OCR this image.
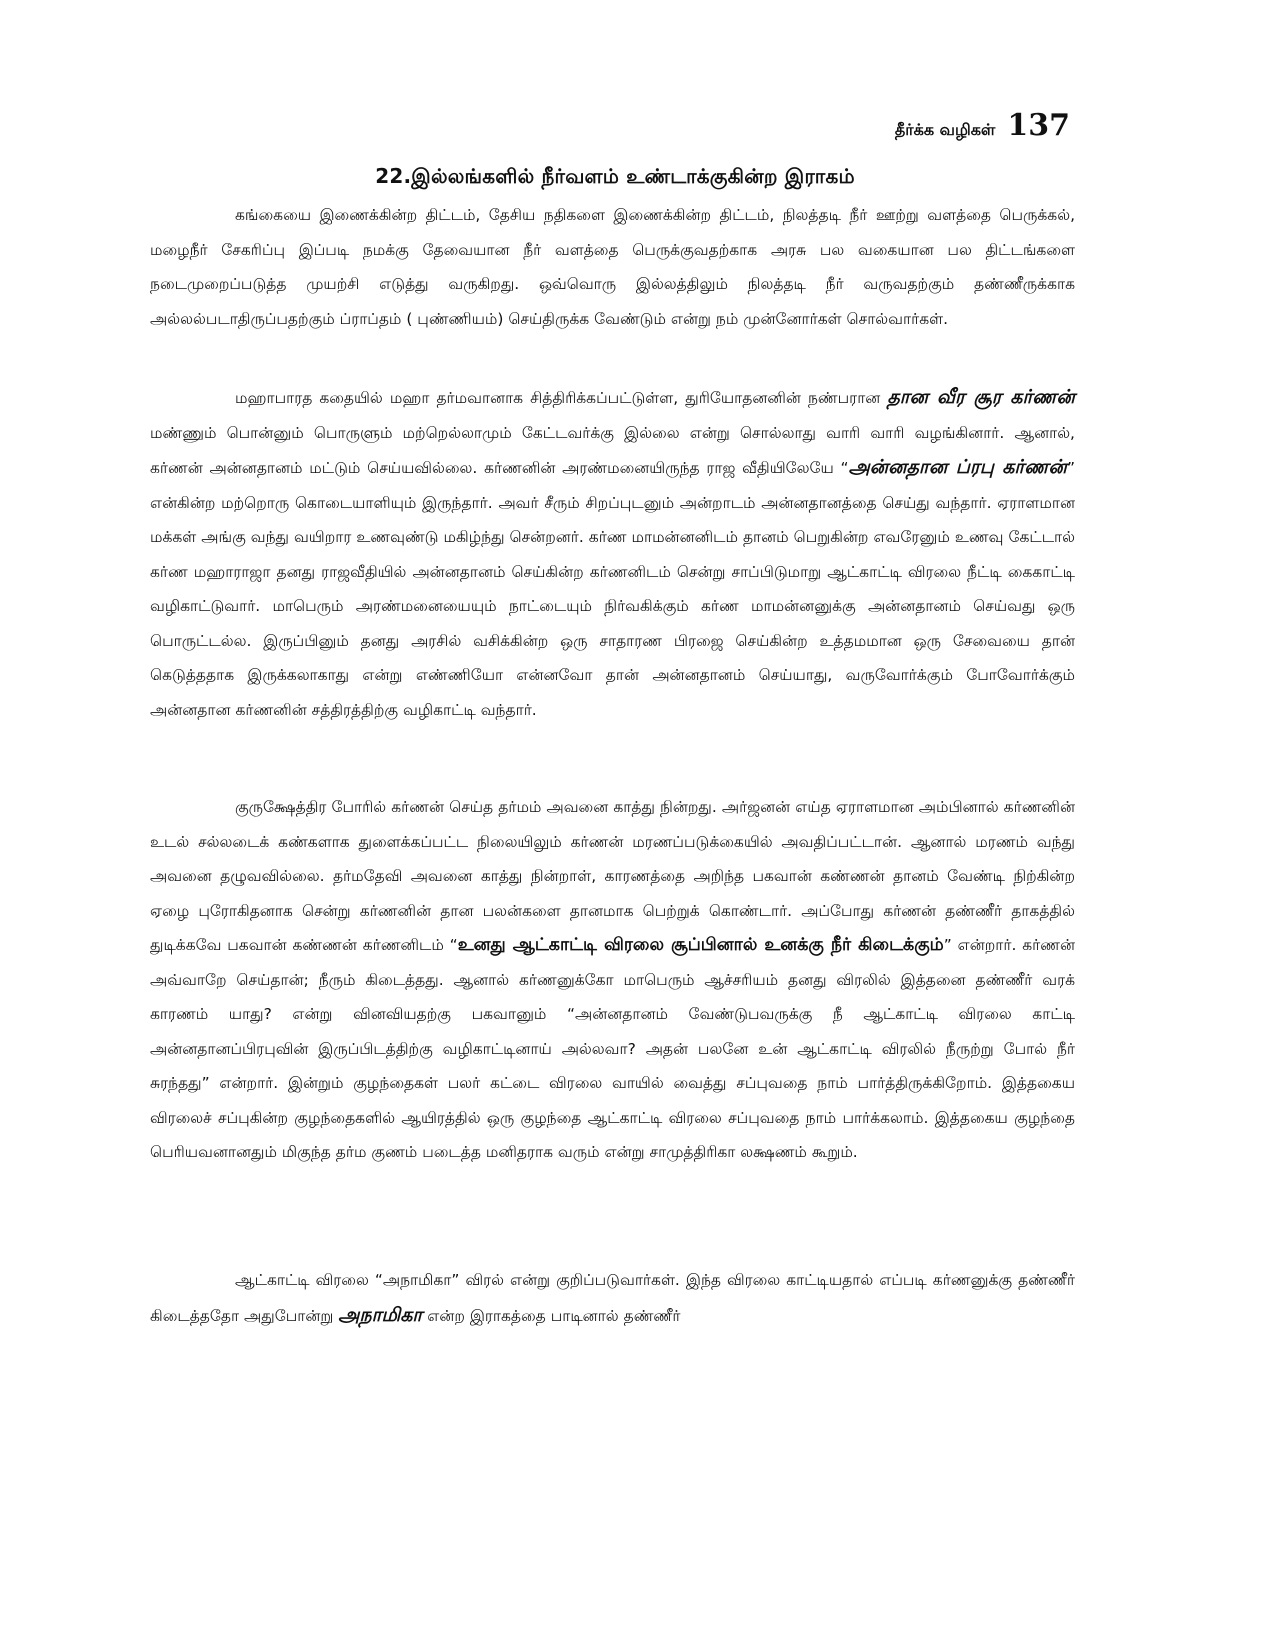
தீர்க்க வழிகள் 137
22.இல்லங்களில் நீர்வளம் உண்டாக்குகின்ற இராகம்

கங்கையை இணைக்கின்ற திட்டம், தேசிய நதிகளை இணைக்கின்ற திட்டம், நிலத்தடி நீர் ஊற்று வளத்தை பெருக்கல், மழைநீர் சேகரிப்பு இப்படி நமக்கு தேவையான நீர் வளத்தை பெருக்குவதற்காக அரசு பல வகையான பல திட்டங்களை நடைமுறைப்படுத்த முயற்சி எடுத்து வருகிறது. ஒவ்வொரு இல்லத்திலும் நிலத்தடி நீர் வருவதற்கும் தண்ணீருக்காக அல்லல்படாதிருப்பதற்கும் ப்ராப்தம் ( புண்ணியம்) செய்திருக்க வேண்டும் என்று நம் முன்னோர்கள் சொல்வார்கள்.

மஹாபாரத கதையில் மஹா தர்மவானாக சித்திரிக்கப்பட்டுள்ள, துரியோதனனின் நண்பரான தான வீர சூர கர்ணன் மண்ணும் பொன்னும் பொருளும் மற்றெல்லாமும் கேட்டவர்க்கு இல்லை என்று சொல்லாது வாரி வாரி வழங்கினார். ஆனால், கர்ணன் அன்னதானம் மட்டும் செய்யவில்லை. கர்ணனின் அரண்மனையிருந்த ராஜ வீதியிலேயே “அன்னதான ப்ரபு கர்ணன்” என்கின்ற மற்றொரு கொடையாளியும் இருந்தார். அவர் சீரும் சிறப்புடனும் அன்றாடம் அன்னதானத்தை செய்து வந்தார். ஏராளமான மக்கள் அங்கு வந்து வயிறார உணவுண்டு மகிழ்ந்து சென்றனர். கர்ண மாமன்னனிடம் தானம் பெறுகின்ற எவரேனும் உணவு கேட்டால் கர்ண மஹாராஜா தனது ராஜவீதியில் அன்னதானம் செய்கின்ற கர்ணனிடம் சென்று சாப்பிடுமாறு ஆட்காட்டி விரலை நீட்டி கைகாட்டி வழிகாட்டுவார். மாபெரும் அரண்மனையையும் நாட்டையும் நிர்வகிக்கும் கர்ண மாமன்னனுக்கு அன்னதானம் செய்வது ஒரு பொருட்டல்ல. இருப்பினும் தனது அரசில் வசிக்கின்ற ஒரு சாதாரண பிரஜை செய்கின்ற உத்தமமான ஒரு சேவையை தான் கெடுத்ததாக இருக்கலாகாது என்று எண்ணியோ என்னவோ தான் அன்னதானம் செய்யாது, வருவோர்க்கும் போவோர்க்கும் அன்னதான கர்ணனின் சத்திரத்திற்கு வழிகாட்டி வந்தார்.

குருக்ஷேத்திர போரில் கர்ணன் செய்த தர்மம் அவனை காத்து நின்றது. அர்ஜனன் எய்த ஏராளமான அம்பினால் கர்ணனின் உடல் சல்லடைக் கண்களாக துளைக்கப்பட்ட நிலையிலும் கர்ணன் மரணப்படுக்கையில் அவதிப்பட்டான். ஆனால் மரணம் வந்து அவனை தழுவவில்லை. தர்மதேவி அவனை காத்து நின்றாள், காரணத்தை அறிந்த பகவான் கண்ணன் தானம் வேண்டி நிற்கின்ற ஏழை புரோகிதனாக சென்று கர்ணனின் தான பலன்களை தானமாக பெற்றுக் கொண்டார். அப்போது கர்ணன் தண்ணீர் தாகத்தில் துடிக்கவே பகவான் கண்ணன் கர்ணனிடம் “உனது ஆட்காட்டி விரலை சூப்பினால் உனக்கு நீர் கிடைக்கும்” என்றார். கர்ணன் அவ்வாறே செய்தான்; நீரும் கிடைத்தது. ஆனால் கர்ணனுக்கோ மாபெரும் ஆச்சரியம் தனது விரலில் இத்தனை தண்ணீர் வரக் காரணம் யாது? என்று வினவியதற்கு பகவானும் “அன்னதானம் வேண்டுபவருக்கு நீ ஆட்காட்டி விரலை காட்டி அன்னதானப்பிரபுவின் இருப்பிடத்திற்கு வழிகாட்டினாய் அல்லவா? அதன் பலனே உன் ஆட்காட்டி விரலில் நீருற்று போல் நீர் சுரந்தது” என்றார். இன்றும் குழந்தைகள் பலர் கட்டை விரலை வாயில் வைத்து சப்புவதை நாம் பார்த்திருக்கிறோம். இத்தகைய விரலைச் சப்புகின்ற குழந்தைகளில் ஆயிரத்தில் ஒரு குழந்தை ஆட்காட்டி விரலை சப்புவதை நாம் பார்க்கலாம். இத்தகைய குழந்தை பெரியவனானதும் மிகுந்த தர்ம குணம் படைத்த மனிதராக வரும் என்று சாமுத்திரிகா லக்ஷணம் கூறும்.

ஆட்காட்டி விரலை “அநாமிகா” விரல் என்று குறிப்படுவார்கள். இந்த விரலை காட்டியதால் எப்படி கர்ணனுக்கு தண்ணீர் கிடைத்ததோ அதுபோன்று அநாமிகா என்ற இராகத்தை பாடினால் தண்ணீர்
